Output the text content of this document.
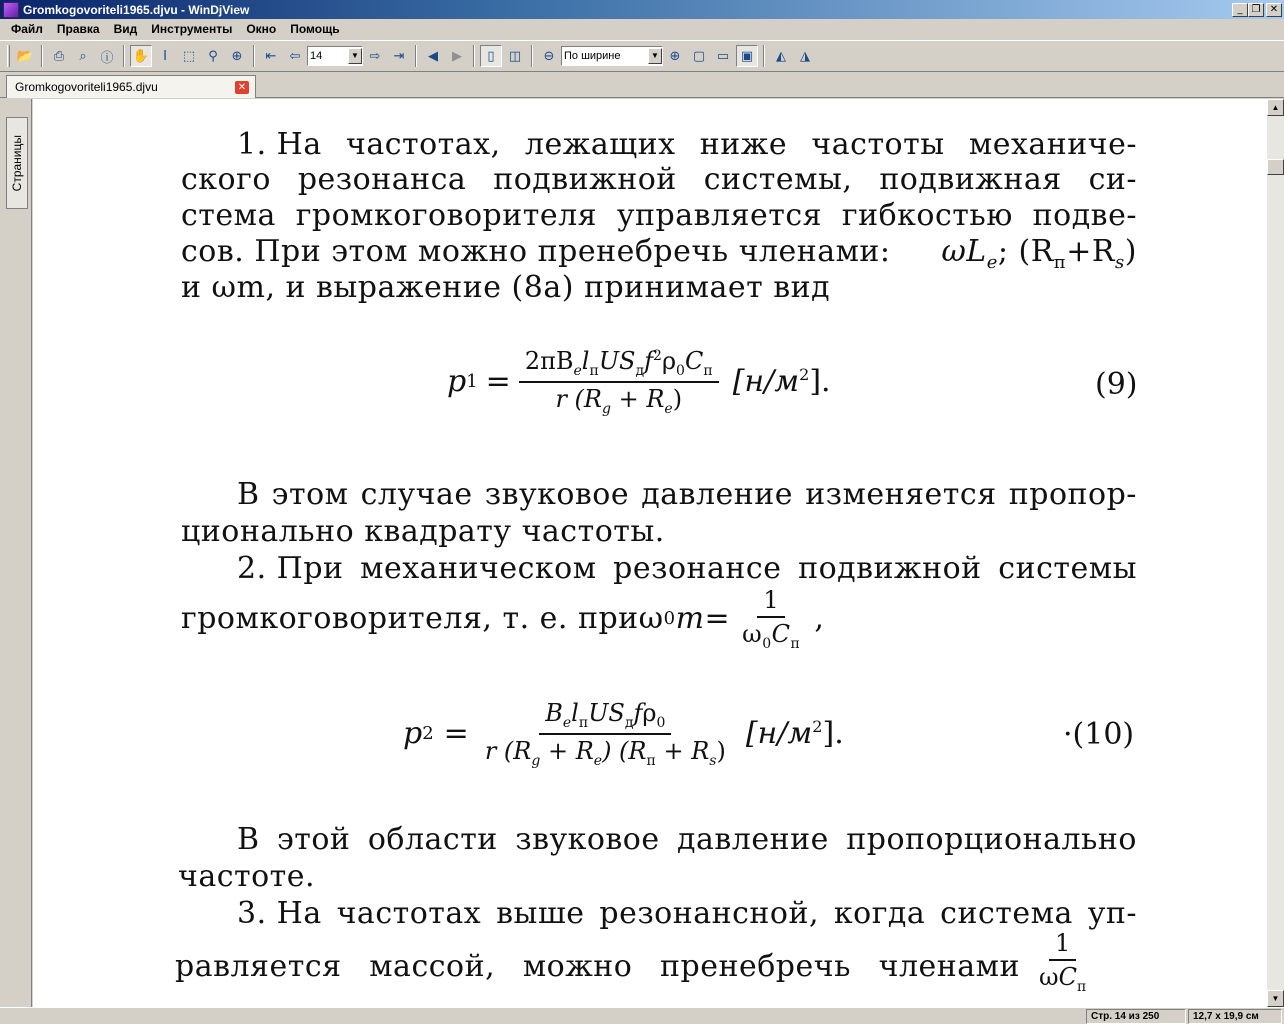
Gromkogovoriteli1965.djvu - WinDjView	_ ❐ ✕
Файл	Правка	Вид	Инструменты	Окно	Помощь
📂	⎙	⌕	ⓘ	✋	I	⬚	⚲	⊕	⇤	⇦ 14	▼ ⇨	⇥	◀	▶	▯	◫	⊖ По ширине	▼ ⊕ ▢ ▭ ▣	◭	◮
Gromkogovoriteli1965.djvu	✕
Страницы	1. На частотах, лежащих ниже частоты механиче-
ского резонанса подвижной системы, подвижная си-
стема громкоговорителя управляется гибкостью подве-
сов. При этом можно пренебречь членами: $\omega L_e$; $(R_п+R_s)$
и ωm, и выражение (8а) принимает вид
p $1 = \frac{2\pi B_el_пUS_дf^2\rho_0C_п}{r (R_g + R_e)} [н/м^2]$.	(9)
В этом случае звуковое давление изменяется пропор-
ционально квадрату частоты.
2. При механическом резонансе подвижной системы
громкоговорителя, т. е. при ω 0 $m = \frac{1}{\omega_0C_п}$ ,
p $2 = \frac{B_el_пUS_дf\rho_0}{r (R_g + R_e) (R_п + R_s)} [н/м^2]$.	·(10)
В этой области звуковое давление пропорционально
частоте.
3. На частотах выше резонансной, когда система уп-
равляется массой, можно пренебречь членами
1
$\omega C_п$
▲
▼
Стр. 14 из 250	12,7 x 19,9 см
